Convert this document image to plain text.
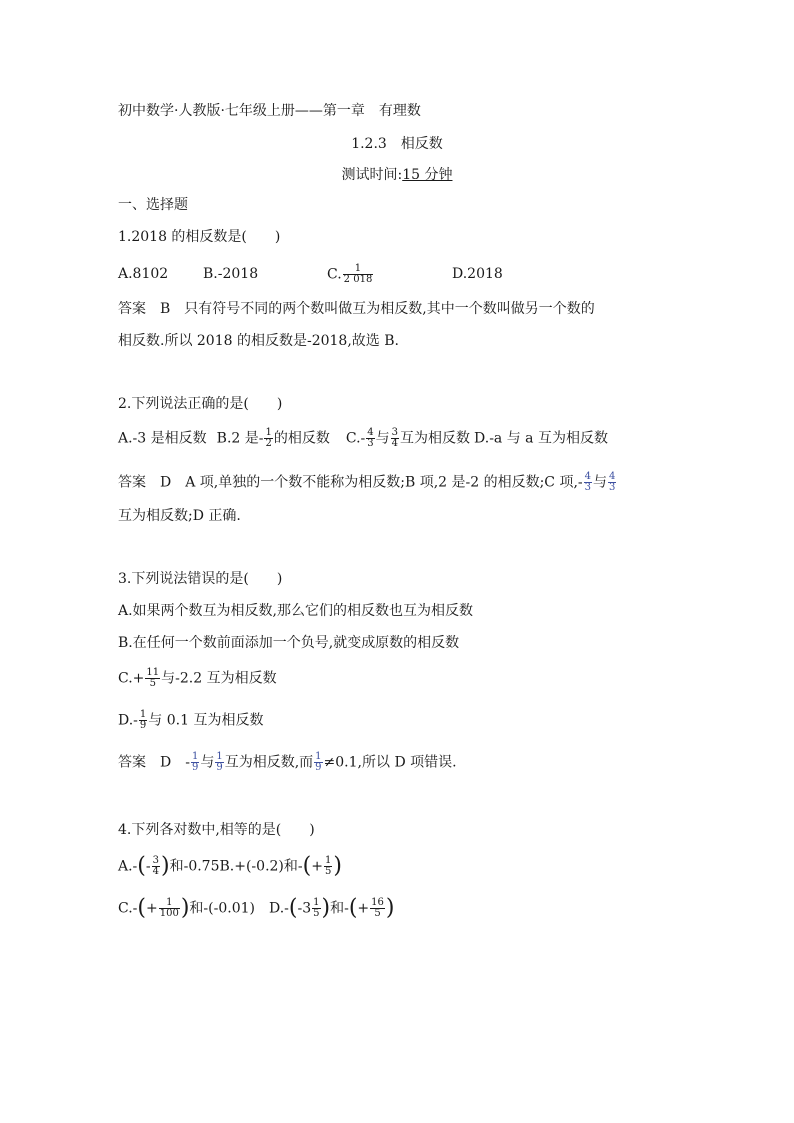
初中数学·人教版·七年级上册——第一章　有理数
1.2.3　相反数
测试时间:15 分钟
一、选择题
1.2018 的相反数是(　　)
A.8102 B.-2018	C. $\frac{1}{2 018}$	D.2018
答案　B　只有符号不同的两个数叫做互为相反数,其中一个数叫做另一个数的
相反数.所以 2018 的相反数是-2018,故选 B.
2.下列说法正确的是(　　)
A.-3 是相反数 B.2 是- $\frac{1}{2}$ 的相反数 $C.- \frac{4}{3}$ 与 $\frac{3}{4}$ 互为相反数 D.-a 与 a 互为相反数
答案　D　A 项,单独的一个数不能称为相反数;B 项,2 是-2 的相反数;C 项,- $\frac{4}{3}$ 与 $\frac{4}{3}$
互为相反数;D 正确.
3.下列说法错误的是(　　)
A.如果两个数互为相反数,那么它们的相反数也互为相反数
B.在任何一个数前面添加一个负号,就变成原数的相反数
$C.+ \frac{11}{5}$ 与-2.2 互为相反数
$D.- \frac{1}{9}$ 与 0.1 互为相反数
答案　D　- $\frac{1}{9}$ 与 $\frac{1}{9}$ 互为相反数,而 $\frac{1}{9} \ne 0.1$,所以 D 项错误.
4.下列各对数中,相等的是(　　)
$A.-(- \frac{3}{4}$ )和-0.75B.+(-0.2)和-(+ $\frac{1}{5}$ )
$C.-(+ \frac{1}{100}$ )和-(-0.01)　$D.-(-3 \frac{1}{5}$ )和-(+ $\frac{16}{5}$ )
